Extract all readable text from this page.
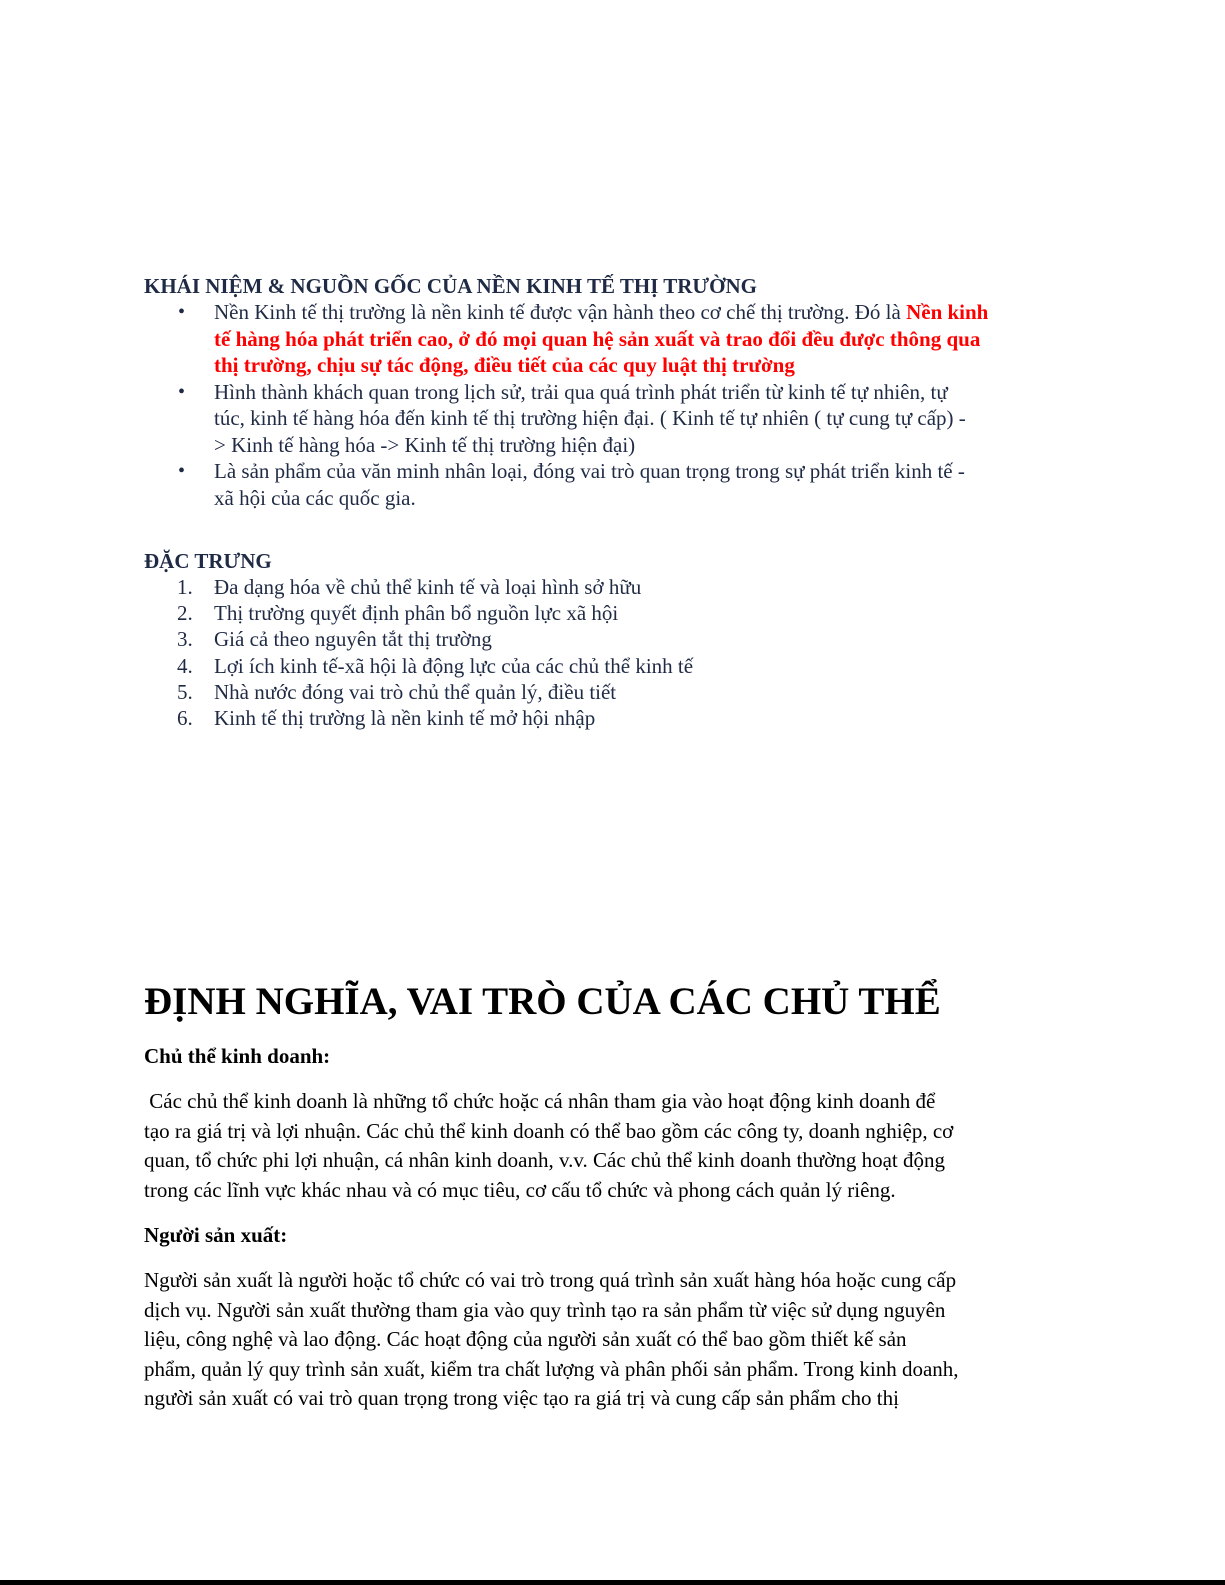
KHÁI NIỆM & NGUỒN GỐC CỦA NỀN KINH TẾ THỊ TRƯỜNG
• Nền Kinh tế thị trường là nền kinh tế được vận hành theo cơ chế thị trường. Đó là Nền kinh
tế hàng hóa phát triển cao, ở đó mọi quan hệ sản xuất và trao đổi đều được thông qua
thị trường, chịu sự tác động, điều tiết của các quy luật thị trường
• Hình thành khách quan trong lịch sử, trải qua quá trình phát triển từ kinh tế tự nhiên, tự
túc, kinh tế hàng hóa đến kinh tế thị trường hiện đại. ( Kinh tế tự nhiên ( tự cung tự cấp) -
> Kinh tế hàng hóa -> Kinh tế thị trường hiện đại)
• Là sản phẩm của văn minh nhân loại, đóng vai trò quan trọng trong sự phát triển kinh tế -
xã hội của các quốc gia.
ĐẶC TRƯNG
1. Đa dạng hóa về chủ thể kinh tế và loại hình sở hữu
2. Thị trường quyết định phân bổ nguồn lực xã hội
3. Giá cả theo nguyên tắt thị trường
4. Lợi ích kinh tế-xã hội là động lực của các chủ thể kinh tế
5. Nhà nước đóng vai trò chủ thể quản lý, điều tiết
6. Kinh tế thị trường là nền kinh tế mở hội nhập
ĐỊNH NGHĨA, VAI TRÒ CỦA CÁC CHỦ THỂ
Chủ thể kinh doanh:

Các chủ thể kinh doanh là những tổ chức hoặc cá nhân tham gia vào hoạt động kinh doanh để
tạo ra giá trị và lợi nhuận. Các chủ thể kinh doanh có thể bao gồm các công ty, doanh nghiệp, cơ
quan, tổ chức phi lợi nhuận, cá nhân kinh doanh, v.v. Các chủ thể kinh doanh thường hoạt động
trong các lĩnh vực khác nhau và có mục tiêu, cơ cấu tổ chức và phong cách quản lý riêng.

Người sản xuất:

Người sản xuất là người hoặc tổ chức có vai trò trong quá trình sản xuất hàng hóa hoặc cung cấp
dịch vụ. Người sản xuất thường tham gia vào quy trình tạo ra sản phẩm từ việc sử dụng nguyên
liệu, công nghệ và lao động. Các hoạt động của người sản xuất có thể bao gồm thiết kế sản
phẩm, quản lý quy trình sản xuất, kiểm tra chất lượng và phân phối sản phẩm. Trong kinh doanh,
người sản xuất có vai trò quan trọng trong việc tạo ra giá trị và cung cấp sản phẩm cho thị
